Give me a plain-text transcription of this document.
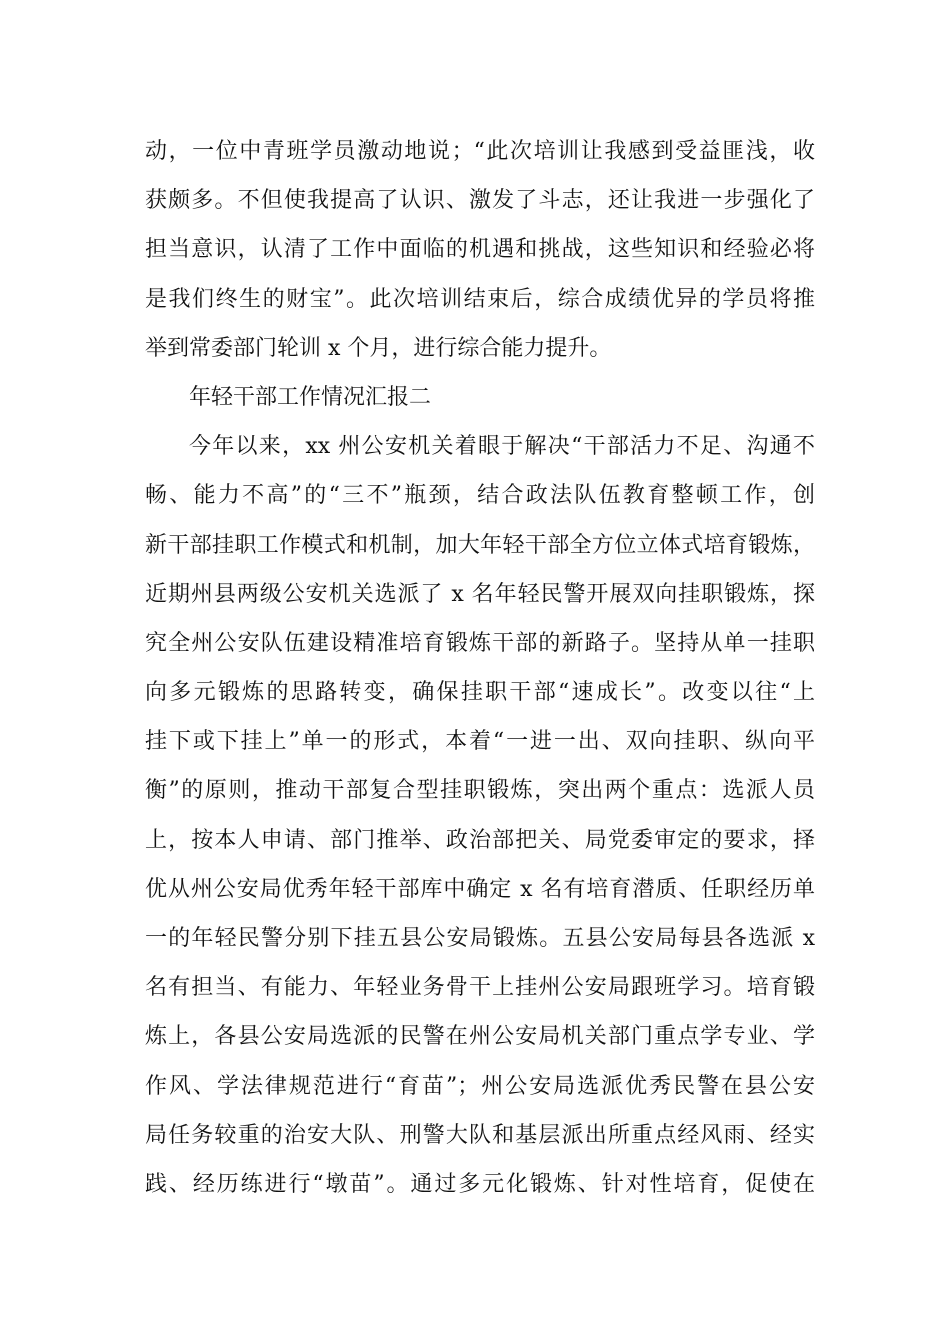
动，一位中青班学员激动地说；“此次培训让我感到受益匪浅，收
获颇多。不但使我提高了认识、激发了斗志，还让我进一步强化了
担当意识，认清了工作中面临的机遇和挑战，这些知识和经验必将
是我们终生的财宝”。此次培训结束后，综合成绩优异的学员将推
举到常委部门轮训 x 个月，进行综合能力提升。
年轻干部工作情况汇报二
今年以来，xx 州公安机关着眼于解决“干部活力不足、沟通不
畅、能力不高”的“三不”瓶颈，结合政法队伍教育整顿工作，创
新干部挂职工作模式和机制，加大年轻干部全方位立体式培育锻炼，
近期州县两级公安机关选派了 x 名年轻民警开展双向挂职锻炼，探
究全州公安队伍建设精准培育锻炼干部的新路子。坚持从单一挂职
向多元锻炼的思路转变，确保挂职干部“速成长”。改变以往“上
挂下或下挂上”单一的形式，本着“一进一出、双向挂职、纵向平
衡”的原则，推动干部复合型挂职锻炼，突出两个重点：选派人员
上，按本人申请、部门推举、政治部把关、局党委审定的要求，择
优从州公安局优秀年轻干部库中确定 x 名有培育潜质、任职经历单
一的年轻民警分别下挂五县公安局锻炼。五县公安局每县各选派 x
名有担当、有能力、年轻业务骨干上挂州公安局跟班学习。培育锻
炼上，各县公安局选派的民警在州公安局机关部门重点学专业、学
作风、学法律规范进行“育苗”；州公安局选派优秀民警在县公安
局任务较重的治安大队、刑警大队和基层派出所重点经风雨、经实
践、经历练进行“墩苗”。通过多元化锻炼、针对性培育，促使在
